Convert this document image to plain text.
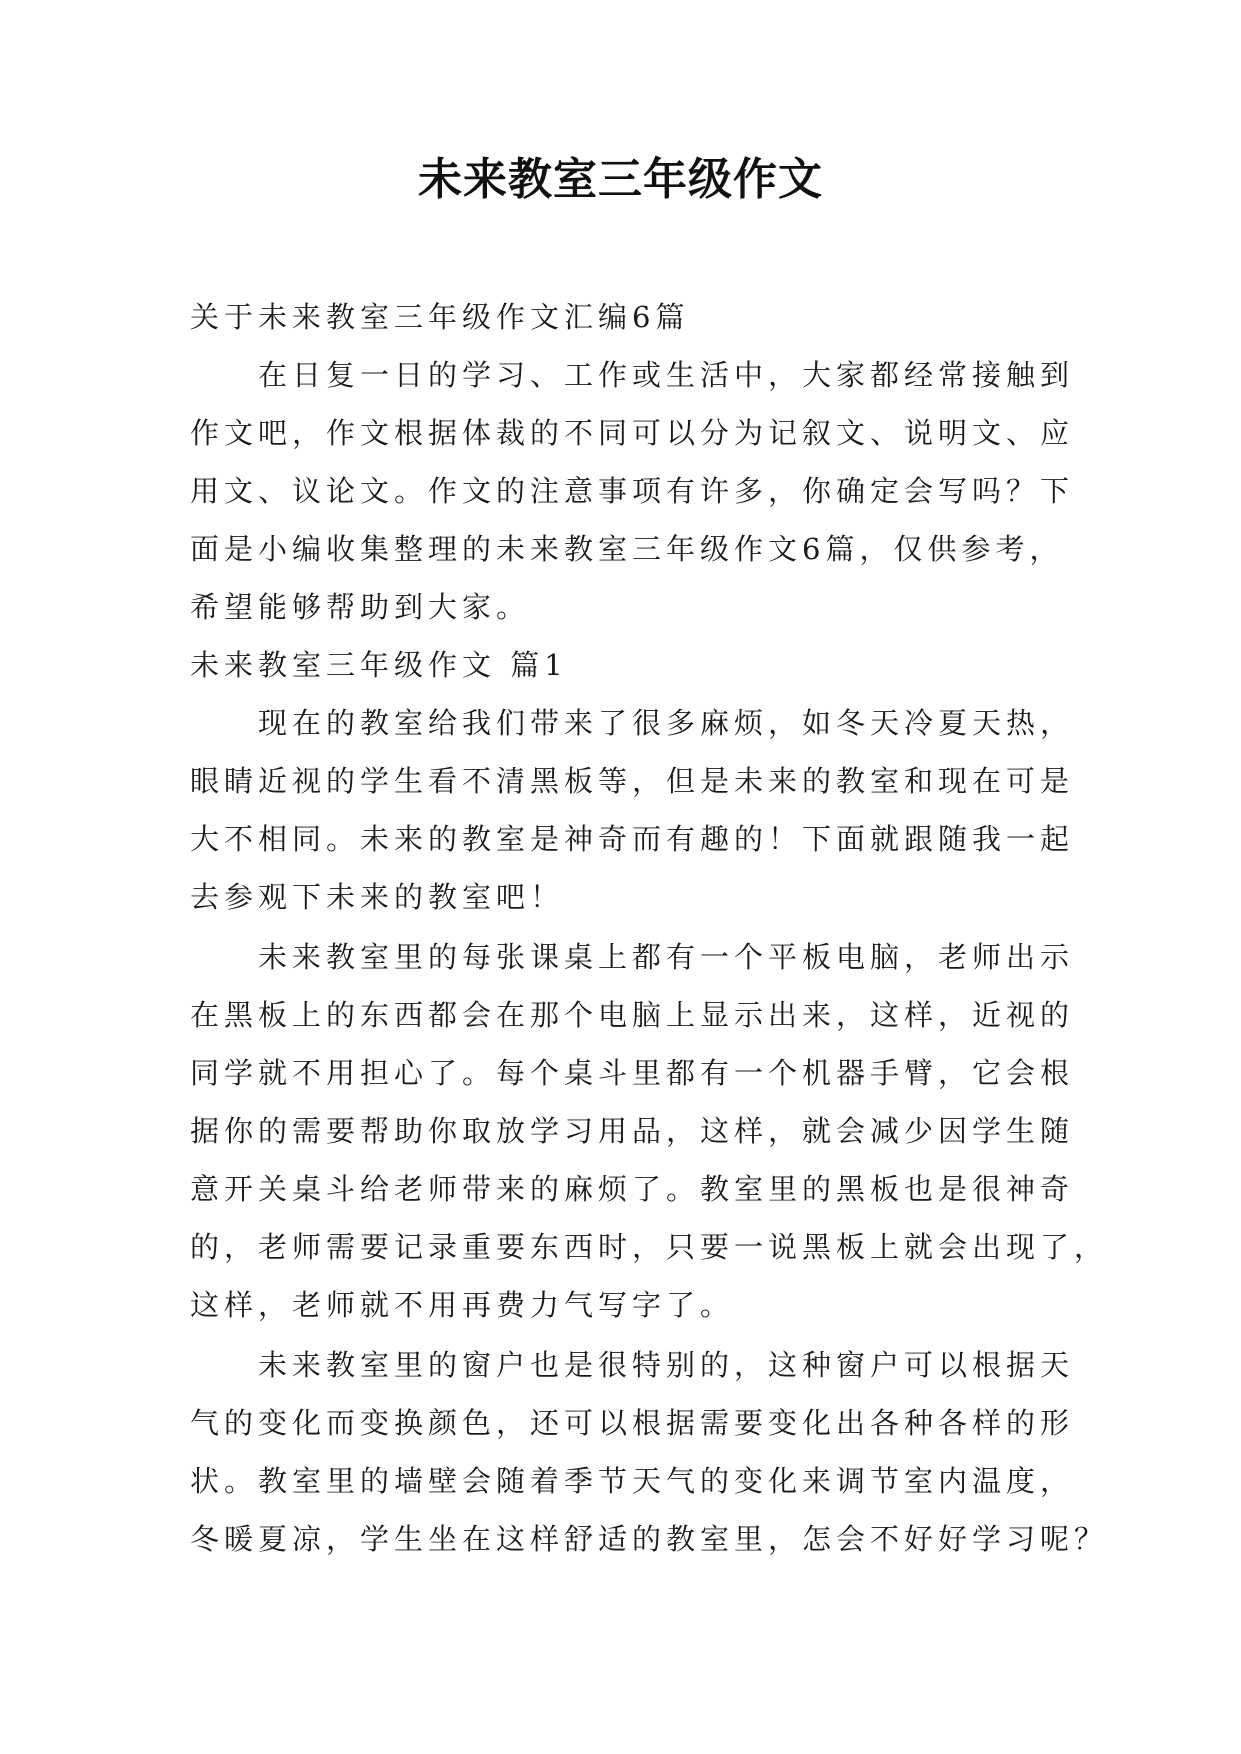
未来教室三年级作文

关于未来教室三年级作文汇编6篇

在日复一日的学习、工作或生活中，大家都经常接触到

作文吧，作文根据体裁的不同可以分为记叙文、说明文、应

用文、议论文。作文的注意事项有许多，你确定会写吗？下

面是小编收集整理的未来教室三年级作文6篇，仅供参考，

希望能够帮助到大家。

未来教室三年级作文 篇1

现在的教室给我们带来了很多麻烦，如冬天冷夏天热，

眼睛近视的学生看不清黑板等，但是未来的教室和现在可是

大不相同。未来的教室是神奇而有趣的！下面就跟随我一起

去参观下未来的教室吧！

未来教室里的每张课桌上都有一个平板电脑，老师出示

在黑板上的东西都会在那个电脑上显示出来，这样，近视的

同学就不用担心了。每个桌斗里都有一个机器手臂，它会根

据你的需要帮助你取放学习用品，这样，就会减少因学生随

意开关桌斗给老师带来的麻烦了。教室里的黑板也是很神奇

的，老师需要记录重要东西时，只要一说黑板上就会出现了，

这样，老师就不用再费力气写字了。

未来教室里的窗户也是很特别的，这种窗户可以根据天

气的变化而变换颜色，还可以根据需要变化出各种各样的形

状。教室里的墙壁会随着季节天气的变化来调节室内温度，

冬暖夏凉，学生坐在这样舒适的教室里，怎会不好好学习呢？
